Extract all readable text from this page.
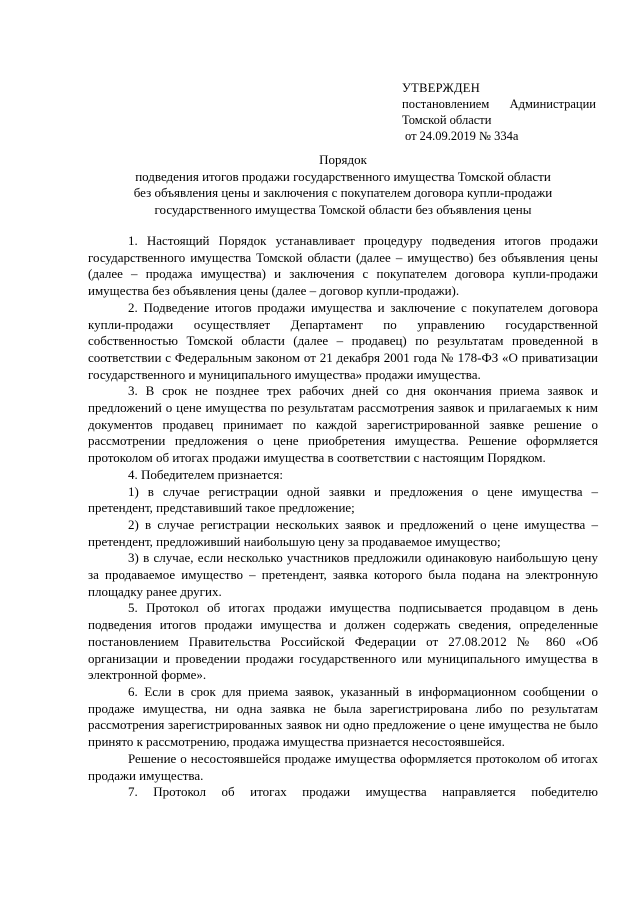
УТВЕРЖДЕН
постановлением Администрации
Томской области
от 24.09.2019 № 334а
Порядок
подведения итогов продажи государственного имущества Томской области
без объявления цены и заключения с покупателем договора купли-продажи
государственного имущества Томской области без объявления цены

1. Настоящий Порядок устанавливает процедуру подведения итогов продажи государственного имущества Томской области (далее – имущество) без объявления цены (далее – продажа имущества) и заключения с покупателем договора купли-продажи имущества без объявления цены (далее – договор купли-продажи).

2. Подведение итогов продажи имущества и заключение с покупателем договора купли-продажи осуществляет Департамент по управлению государственной собственностью Томской области (далее – продавец) по результатам проведенной в соответствии с Федеральным законом от 21 декабря 2001 года № 178-ФЗ «О приватизации государственного и муниципального имущества» продажи имущества.

3. В срок не позднее трех рабочих дней со дня окончания приема заявок и предложений о цене имущества по результатам рассмотрения заявок и прилагаемых к ним документов продавец принимает по каждой зарегистрированной заявке решение о рассмотрении предложения о цене приобретения имущества. Решение оформляется протоколом об итогах продажи имущества в соответствии с настоящим Порядком.

4. Победителем признается:

1) в случае регистрации одной заявки и предложения о цене имущества – претендент, представивший такое предложение;

2) в случае регистрации нескольких заявок и предложений о цене имущества – претендент, предложивший наибольшую цену за продаваемое имущество;

3) в случае, если несколько участников предложили одинаковую наибольшую цену за продаваемое имущество – претендент, заявка которого была подана на электронную площадку ранее других.

5. Протокол об итогах продажи имущества подписывается продавцом в день подведения итогов продажи имущества и должен содержать сведения, определенные постановлением Правительства Российской Федерации от 27.08.2012 № 860 «Об организации и проведении продажи государственного или муниципального имущества в электронной форме».

6. Если в срок для приема заявок, указанный в информационном сообщении о продаже имущества, ни одна заявка не была зарегистрирована либо по результатам рассмотрения зарегистрированных заявок ни одно предложение о цене имущества не было принято к рассмотрению, продажа имущества признается несостоявшейся.

Решение о несостоявшейся продаже имущества оформляется протоколом об итогах продажи имущества.

7. Протокол об итогах продажи имущества направляется победителю
